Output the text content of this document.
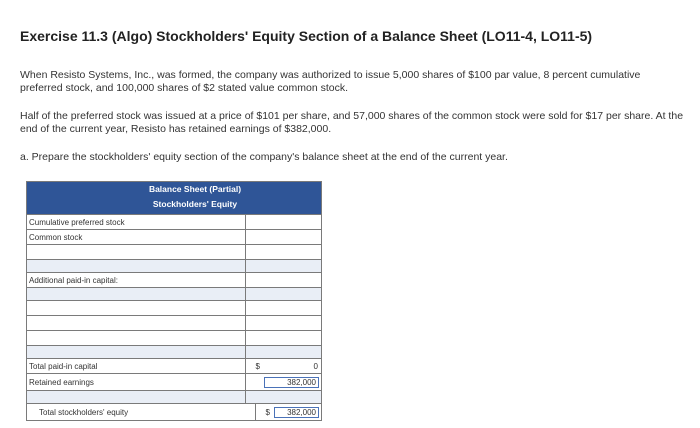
Exercise 11.3 (Algo) Stockholders' Equity Section of a Balance Sheet (LO11-4, LO11-5)
When Resisto Systems, Inc., was formed, the company was authorized to issue 5,000 shares of $100 par value, 8 percent cumulative preferred stock, and 100,000 shares of $2 stated value common stock.
Half of the preferred stock was issued at a price of $101 per share, and 57,000 shares of the common stock were sold for $17 per share. At the end of the current year, Resisto has retained earnings of $382,000.
a. Prepare the stockholders' equity section of the company's balance sheet at the end of the current year.
Balance Sheet (Partial)
Stockholders' Equity
Cumulative preferred stock
Common stock
Additional paid-in capital:
Total paid-in capital	$	0
Retained earnings	382,000
Total stockholders' equity	$	382,000
